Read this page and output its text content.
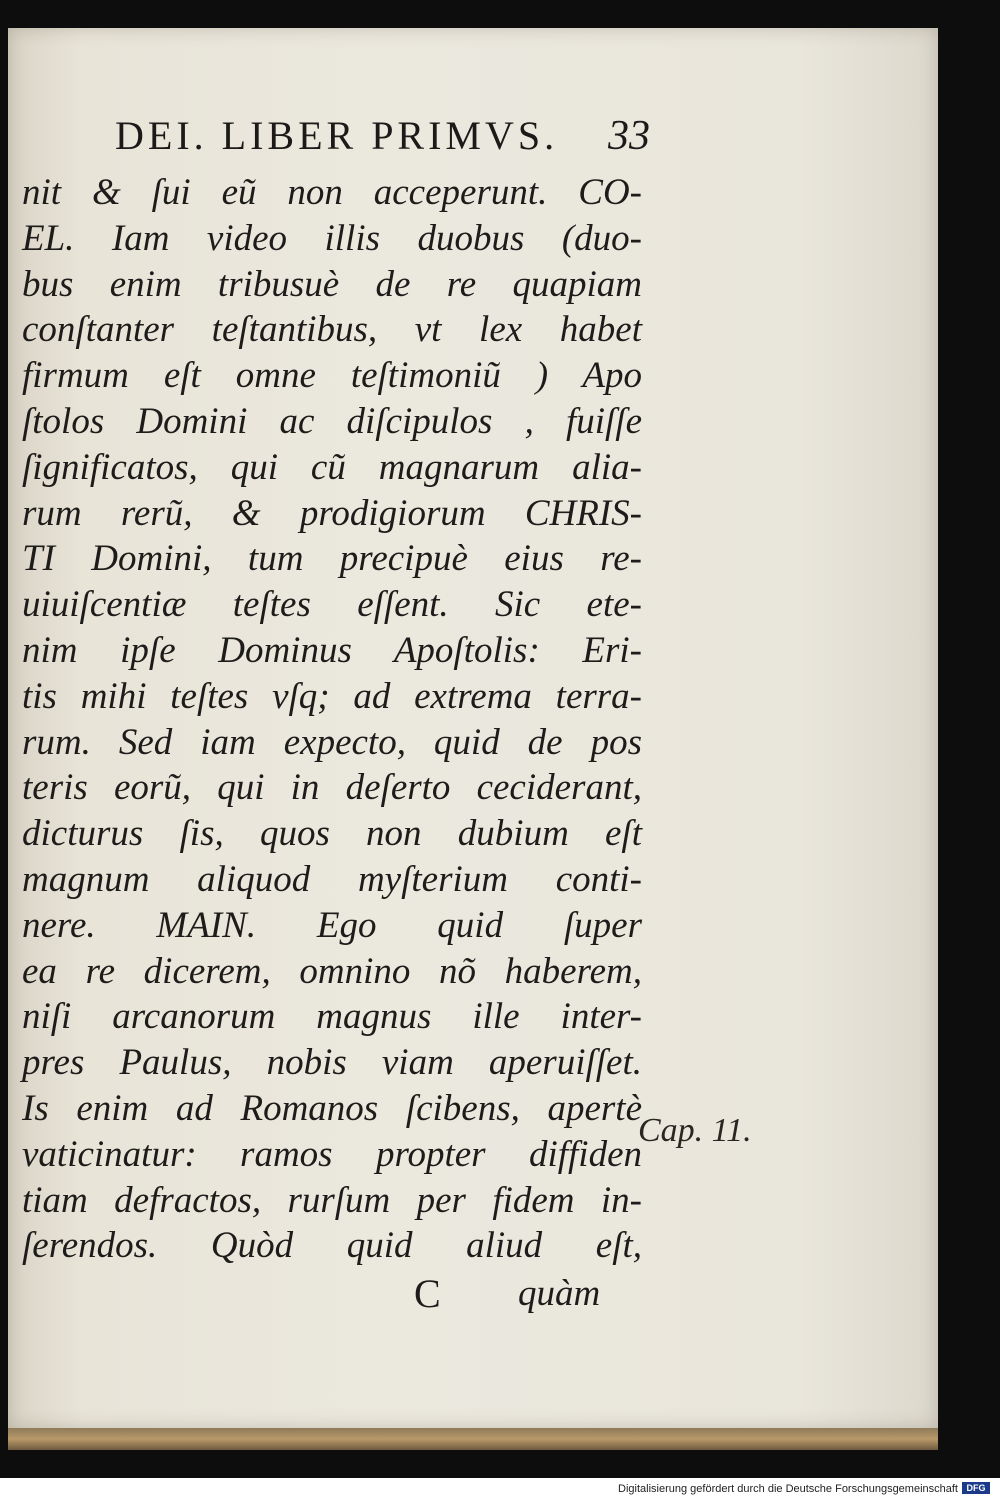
DEI. LIBER PRIMVS. 33
nit & ſui eũ non acceperunt. CO-
EL. Iam video illis duobus (duo-
bus enim tribusuè de re quapiam
conſtanter teſtantibus, vt lex habet
firmum eſt omne teſtimoniũ ) Apo
ſtolos Domini ac diſcipulos , fuiſſe
ſignificatos, qui cũ magnarum alia-
rum rerũ, & prodigiorum CHRIS-
TI Domini, tum precipuè eius re-
uiuiſcentiæ teſtes eſſent. Sic ete-
nim ipſe Dominus Apoſtolis: Eri-
tis mihi teſtes vſq; ad extrema terra-
rum. Sed iam expecto, quid de pos
teris eorũ, qui in deſerto ceciderant,
dicturus ſis, quos non dubium eſt
magnum aliquod myſterium conti-
nere. MAIN. Ego quid ſuper
ea re dicerem, omnino nõ haberem,
niſi arcanorum magnus ille inter-
pres Paulus, nobis viam aperuiſſet.
Is enim ad Romanos ſcibens, apertè
vaticinatur: ramos propter diffiden
tiam defractos, rurſum per fidem in-
ſerendos. Quòd quid aliud eſt,
Cap. 11.
C quàm
Digitalisierung gefördert durch die Deutsche Forschungsgemeinschaft DFG
